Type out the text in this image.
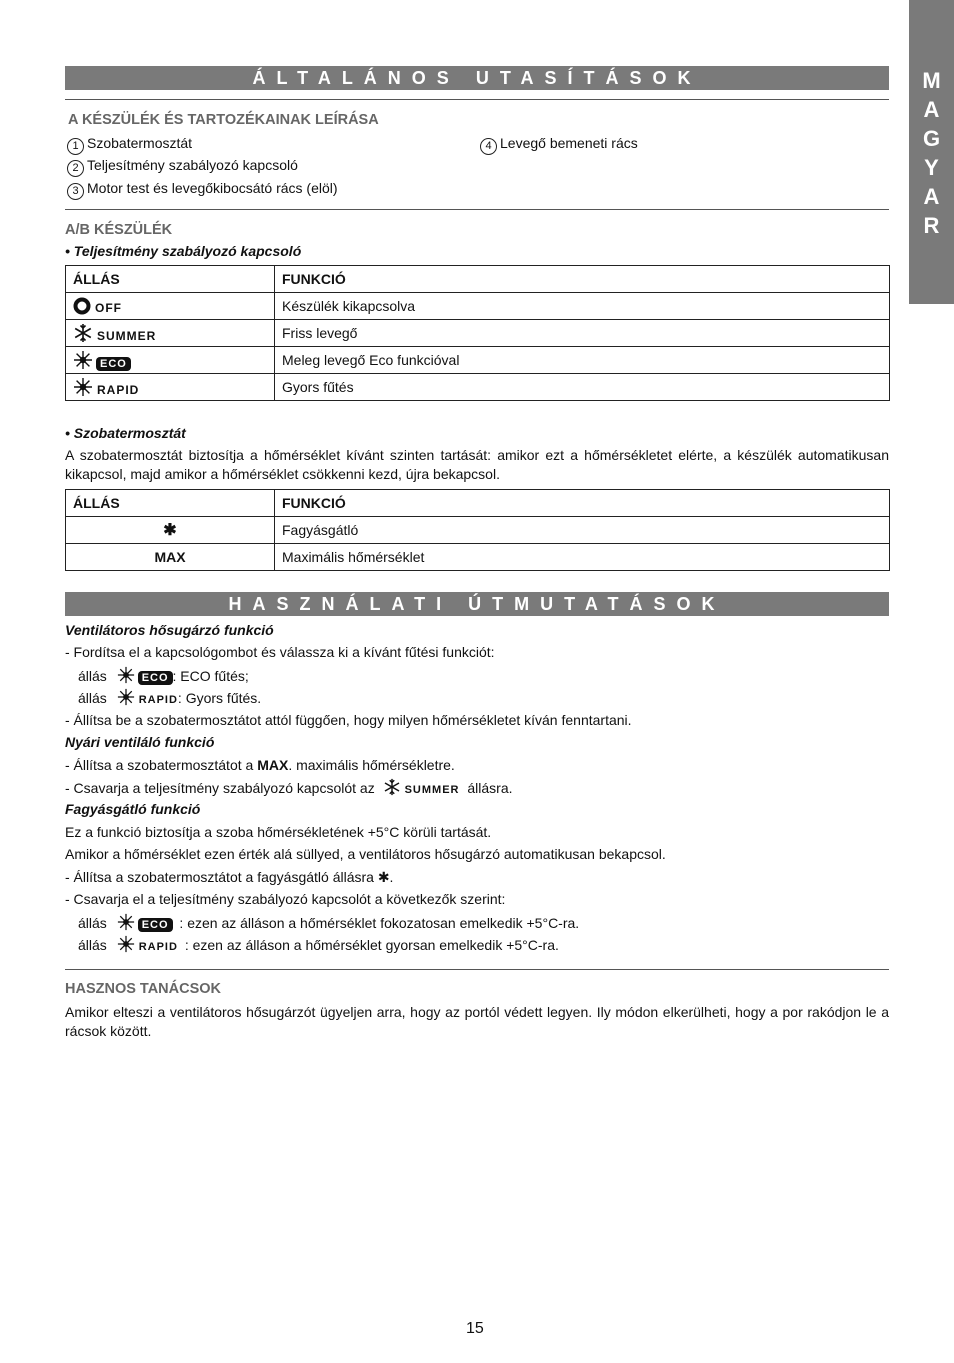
M
A
G
Y
A
R
ÁLTALÁNOS UTASÍTÁSOK
A KÉSZÜLÉK ÉS TARTOZÉKAINAK LEÍRÁSA
1 Szobatermosztát
2 Teljesítmény szabályozó kapcsoló
3 Motor test és levegőkibocsátó rács (elöl)
4 Levegő bemeneti rács
A/B KÉSZÜLÉK
• Teljesítmény szabályozó kapcsoló
ÁLLÁS	FUNKCIÓ

OFF	Készülék kikapcsolva

SUMMER	Friss levegő

ECO	Meleg levegő Eco funkcióval

RAPID	Gyors fűtés
• Szobatermosztát
A szobatermosztát biztosítja a hőmérséklet kívánt szinten tartását: amikor ezt a hőmérsékletet elérte, a készülék automatikusan kikapcsol, majd amikor a hőmérséklet csökkenni kezd, újra bekapcsol.
ÁLLÁS	FUNKCIÓ
✱	Fagyásgátló
MAX	Maximális hőmérséklet
HASZNÁLATI ÚTMUTATÁSOK
Ventilátoros hősugárzó funkció
- Fordítsa el a kapcsológombot és válassza ki a kívánt fűtési funkciót:
állás	ECO : ECO fűtés;
állás	RAPID: Gyors fűtés.
- Állítsa be a szobatermosztátot attól függően, hogy milyen hőmérsékletet kíván fenntartani.
Nyári ventiláló funkció
- Állítsa a szobatermosztátot a MAX. maximális hőmérsékletre.
- Csavarja a teljesítmény szabályozó kapcsolót az	SUMMER állásra.
Fagyásgátló funkció
Ez a funkció biztosítja a szoba hőmérsékletének +5°C körüli tartását.
Amikor a hőmérséklet ezen érték alá süllyed, a ventilátoros hősugárzó automatikusan bekapcsol.
- Állítsa a szobatermosztátot a fagyásgátló állásra ✱.
- Csavarja el a teljesítmény szabályozó kapcsolót a következők szerint:
állás	ECO : ezen az álláson a hőmérséklet fokozatosan emelkedik +5°C-ra.
állás	RAPID : ezen az álláson a hőmérséklet gyorsan emelkedik +5°C-ra.
HASZNOS TANÁCSOK
Amikor elteszi a ventilátoros hősugárzót ügyeljen arra, hogy az portól védett legyen. Ily módon elkerülheti, hogy a por rakódjon le a rácsok között.
15
